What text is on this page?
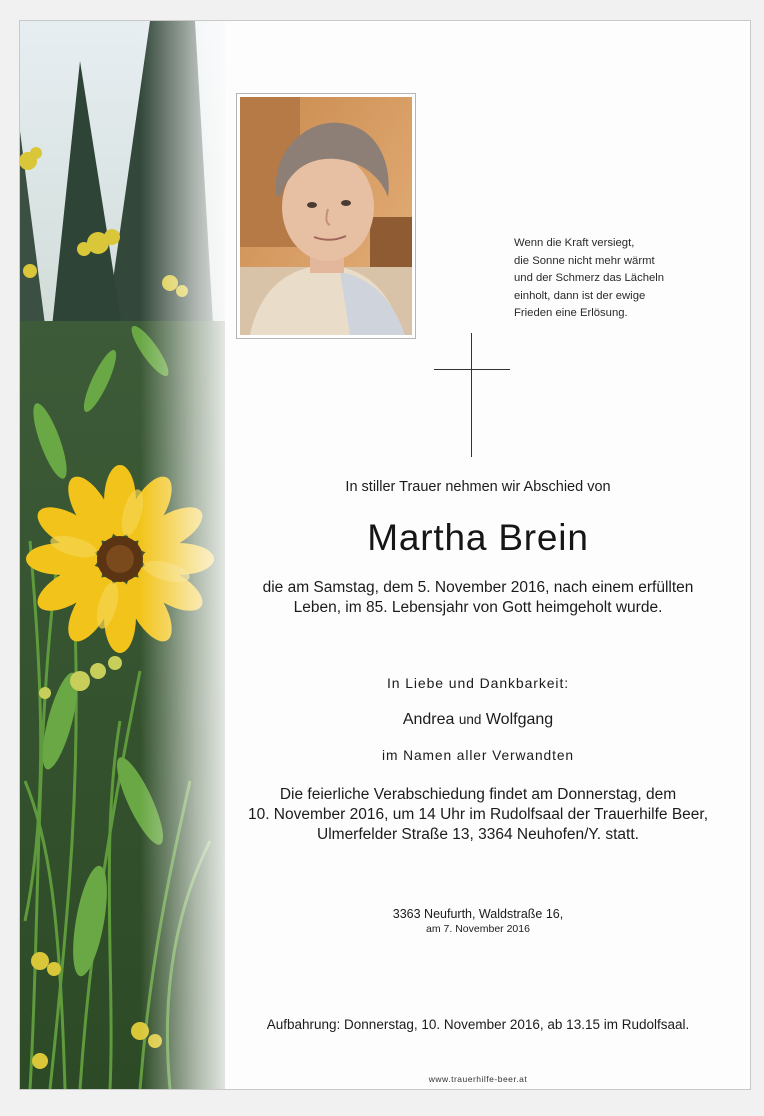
Wenn die Kraft versiegt,
die Sonne nicht mehr wärmt
und der Schmerz das Lächeln
einholt, dann ist der ewige
Frieden eine Erlösung.
In stiller Trauer nehmen wir Abschied von
Martha Brein
die am Samstag, dem 5. November 2016, nach einem erfüllten
Leben, im 85. Lebensjahr von Gott heimgeholt wurde.
In Liebe und Dankbarkeit:
Andrea und Wolfgang
im Namen aller Verwandten
Die feierliche Verabschiedung findet am Donnerstag, dem
10. November 2016, um 14 Uhr im Rudolfsaal der Trauerhilfe Beer,
Ulmerfelder Straße 13, 3364 Neuhofen/Y. statt.
3363 Neufurth, Waldstraße 16,
am 7. November 2016
Aufbahrung: Donnerstag, 10. November 2016, ab 13.15 im Rudolfsaal.
www.trauerhilfe-beer.at
